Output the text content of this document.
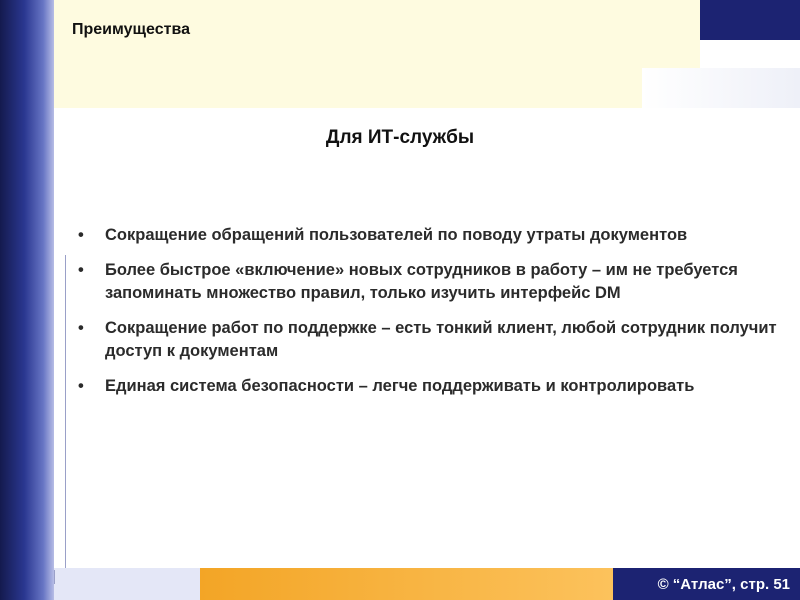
Преимущества
Для ИТ-службы
• Сокращение обращений пользователей по поводу утраты документов
• Более быстрое «включение» новых сотрудников в работу – им не требуется запоминать множество правил, только изучить интерфейс DM
• Сокращение работ по поддержке – есть тонкий клиент, любой сотрудник получит доступ к документам
• Единая система безопасности – легче поддерживать и контролировать
© “Атлас”, стр. 51
